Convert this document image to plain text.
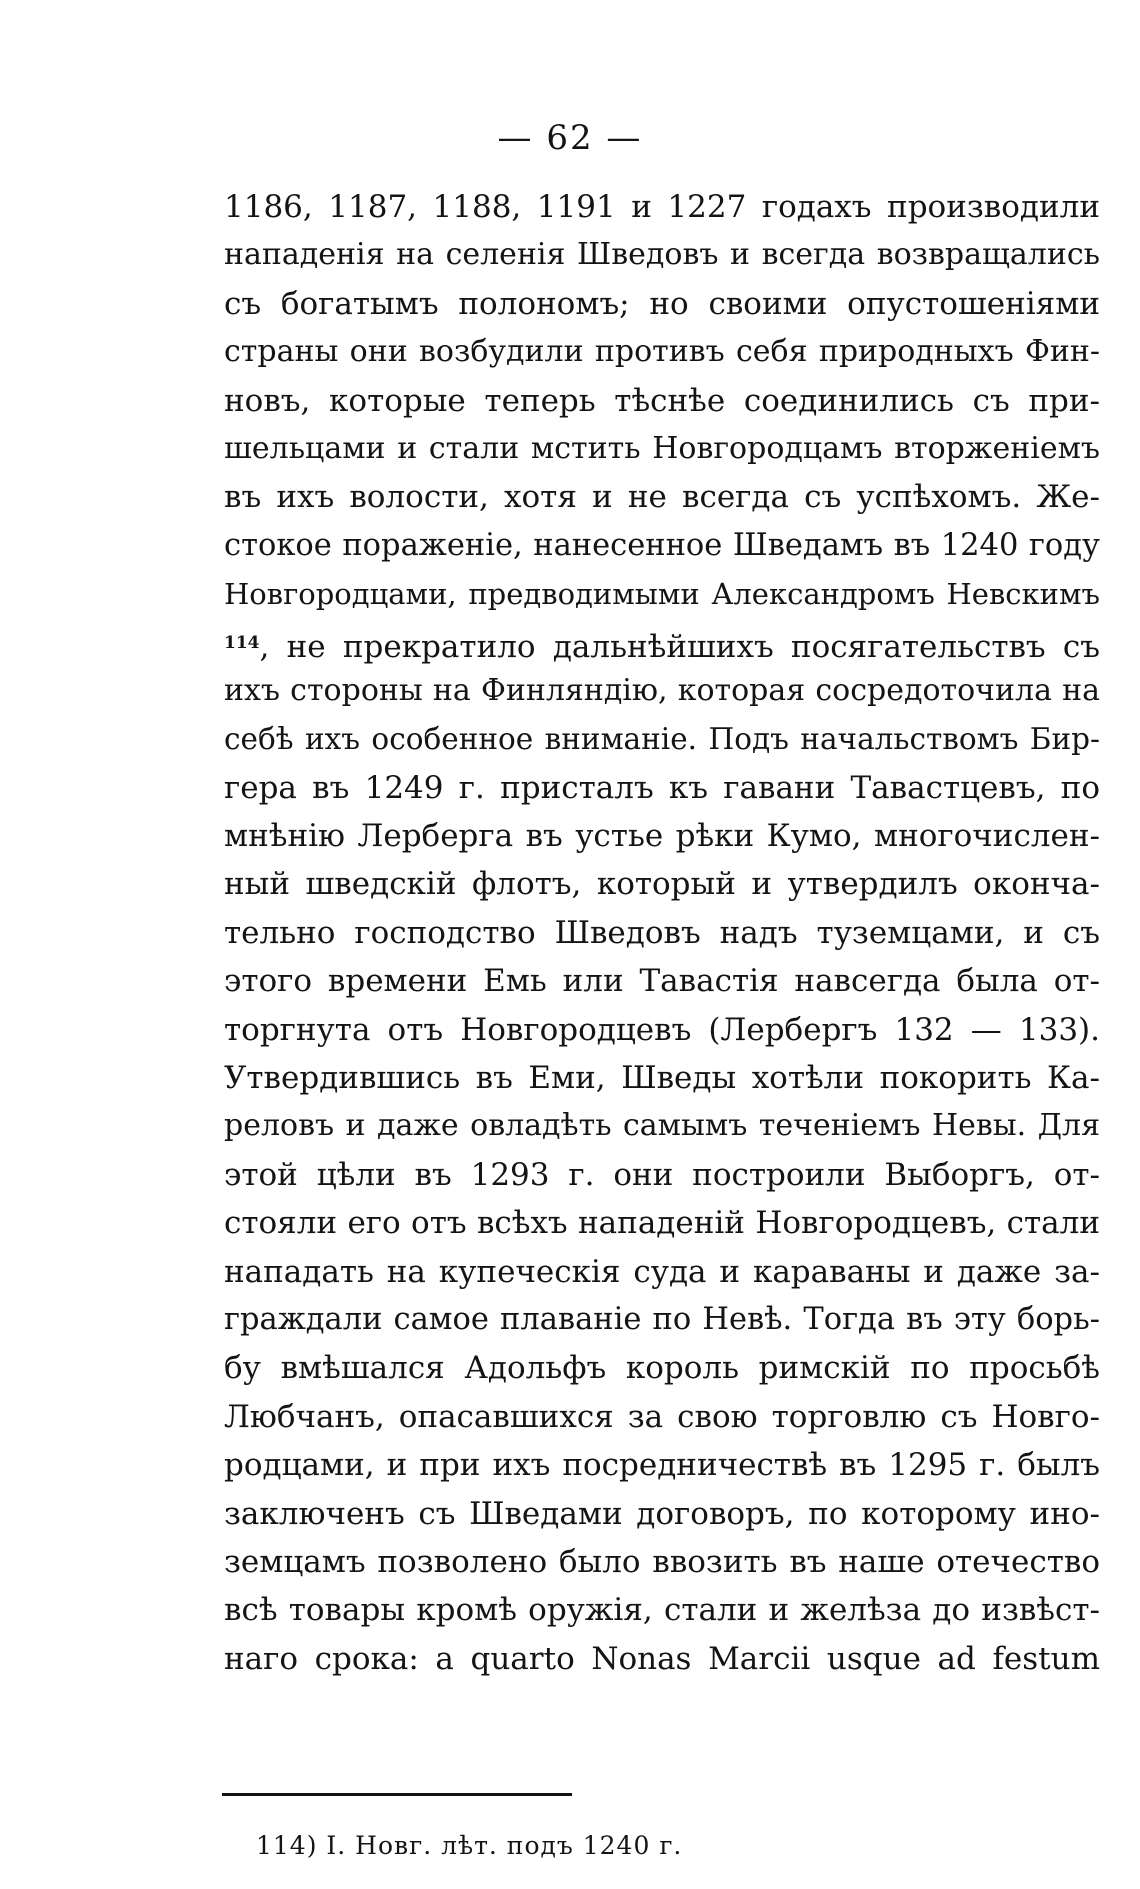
— 62 —
1186, 1187, 1188, 1191 и 1227 годахъ производили
нападенія на селенія Шведовъ и всегда возвращались
съ богатымъ полономъ; но своими опустошеніями
страны они возбудили противъ себя природныхъ Фин-
новъ, которые теперь тѣснѣе соединились съ при-
шельцами и стали мстить Новгородцамъ вторженіемъ
въ ихъ волости, хотя и не всегда съ успѣхомъ. Же-
стокое пораженіе, нанесенное Шведамъ въ 1240 году
Новгородцами, предводимыми Александромъ Невскимъ
$^{114}$, не прекратило дальнѣйшихъ посягательствъ съ
ихъ стороны на Финляндію, которая сосредоточила на
себѣ ихъ особенное вниманіе. Подъ начальствомъ Бир-
гера въ 1249 г. присталъ къ гавани Тавастцевъ, по
мнѣнію Лерберга въ устье рѣки Кумо, многочислен-
ный шведскій флотъ, который и утвердилъ оконча-
тельно господство Шведовъ надъ туземцами, и съ
этого времени Емь или Тавастія навсегда была от-
торгнута отъ Новгородцевъ (Лербергъ 132 — 133).
Утвердившись въ Еми, Шведы хотѣли покорить Ка-
реловъ и даже овладѣть самымъ теченіемъ Невы. Для
этой цѣли въ 1293 г. они построили Выборгъ, от-
стояли его отъ всѣхъ нападеній Новгородцевъ, стали
нападать на купеческія суда и караваны и даже за-
граждали самое плаваніе по Невѣ. Тогда въ эту борь-
бу вмѣшался Адольфъ король римскій по просьбѣ
Любчанъ, опасавшихся за свою торговлю съ Новго-
родцами, и при ихъ посредничествѣ въ 1295 г. былъ
заключенъ съ Шведами договоръ, по которому ино-
земцамъ позволено было ввозить въ наше отечество
всѣ товары кромѣ оружія, стали и желѣза до извѣст-
наго срока: a quarto Nonas Marcii usque ad festum
114) I. Новг. лѣт. подъ 1240 г.
